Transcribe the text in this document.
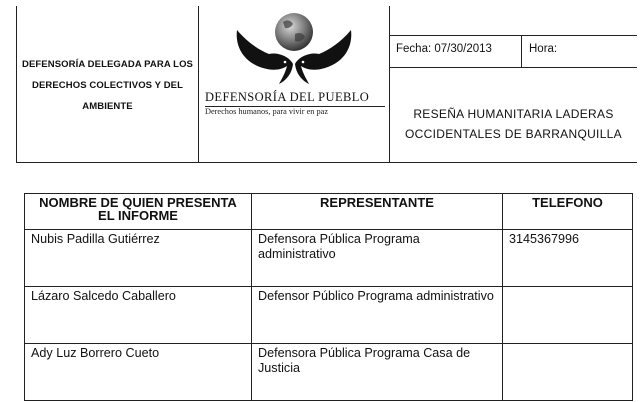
DEFENSORÍA DELEGADA PARA LOS
DERECHOS COLECTIVOS Y DEL
AMBIENTE
DEFENSORÍA DEL PUEBLO
Derechos humanos, para vivir en paz
Fecha: 07/30/2013	Hora:
RESEÑA HUMANITARIA LADERAS
OCCIDENTALES DE BARRANQUILLA
NOMBRE DE QUIEN PRESENTA EL INFORME	REPRESENTANTE	TELEFONO
Nubis Padilla Gutiérrez	Defensora Pública Programa administrativo	3145367996
Lázaro Salcedo Caballero	Defensor Público Programa administrativo	
Ady Luz Borrero Cueto	Defensora Pública Programa Casa de Justicia	
